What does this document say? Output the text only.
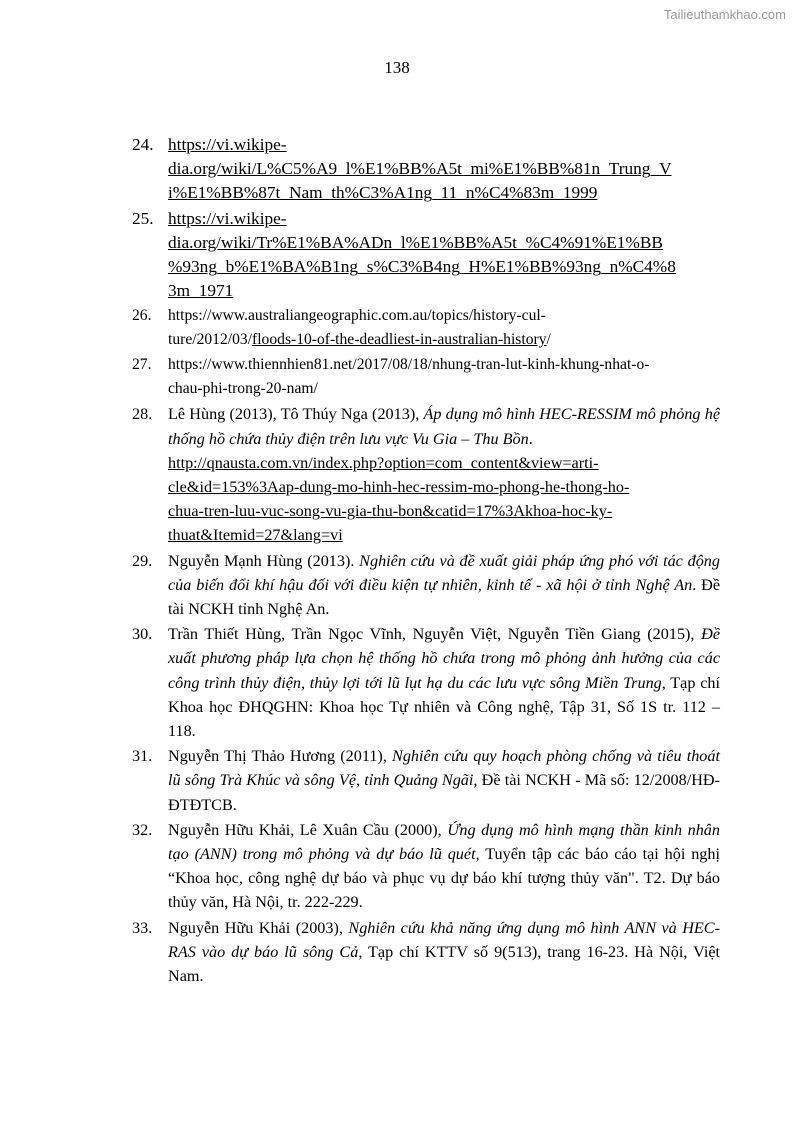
Tailieuthamkhao.com
138
24. https://vi.wikipe-
dia.org/wiki/L%C5%A9_l%E1%BB%A5t_mi%E1%BB%81n_Trung_V
i%E1%BB%87t_Nam_th%C3%A1ng_11_n%C4%83m_1999
25. https://vi.wikipe-
dia.org/wiki/Tr%E1%BA%ADn_l%E1%BB%A5t_%C4%91%E1%BB
%93ng_b%E1%BA%B1ng_s%C3%B4ng_H%E1%BB%93ng_n%C4%8
3m_1971
26. https://www.australiangeographic.com.au/topics/history-cul-
ture/2012/03/floods-10-of-the-deadliest-in-australian-history/
27. https://www.thiennhien81.net/2017/08/18/nhung-tran-lut-kinh-khung-nhat-o-
chau-phi-trong-20-nam/
28. Lê Hùng (2013), Tô Thúy Nga (2013), Áp dụng mô hình HEC-RESSIM mô phỏng hệ thống hồ chứa thủy điện trên lưu vực Vu Gia – Thu Bồn.
http://qnausta.com.vn/index.php?option=com_content&view=arti-
cle&id=153%3Aap-dung-mo-hinh-hec-ressim-mo-phong-he-thong-ho-
chua-tren-luu-vuc-song-vu-gia-thu-bon&catid=17%3Akhoa-hoc-ky-
thuat&Itemid=27&lang=vi
29. Nguyễn Mạnh Hùng (2013). Nghiên cứu và đề xuất giải pháp ứng phó với tác động của biến đổi khí hậu đối với điều kiện tự nhiên, kinh tế - xã hội ở tỉnh Nghệ An. Đề tài NCKH tỉnh Nghệ An.
30. Trần Thiết Hùng, Trần Ngọc Vĩnh, Nguyễn Việt, Nguyễn Tiền Giang (2015), Đề xuất phương pháp lựa chọn hệ thống hồ chứa trong mô phỏng ảnh hưởng của các công trình thủy điện, thủy lợi tới lũ lụt hạ du các lưu vực sông Miền Trung, Tạp chí Khoa học ĐHQGHN: Khoa học Tự nhiên và Công nghệ, Tập 31, Số 1S tr. 112 – 118.
31. Nguyễn Thị Thảo Hương (2011), Nghiên cứu quy hoạch phòng chống và tiêu thoát lũ sông Trà Khúc và sông Vệ, tỉnh Quảng Ngãi, Đề tài NCKH - Mã số: 12/2008/HĐ-ĐTĐTCB.
32. Nguyễn Hữu Khải, Lê Xuân Cầu (2000), Ứng dụng mô hình mạng thần kinh nhân tạo (ANN) trong mô phỏng và dự báo lũ quét, Tuyển tập các báo cáo tại hội nghị “Khoa học, công nghệ dự báo và phục vụ dự báo khí tượng thủy văn". T2. Dự báo thủy văn, Hà Nội, tr. 222-229.
33. Nguyễn Hữu Khải (2003), Nghiên cứu khả năng ứng dụng mô hình ANN và HEC-RAS vào dự báo lũ sông Cả, Tạp chí KTTV số 9(513), trang 16-23. Hà Nội, Việt Nam.
